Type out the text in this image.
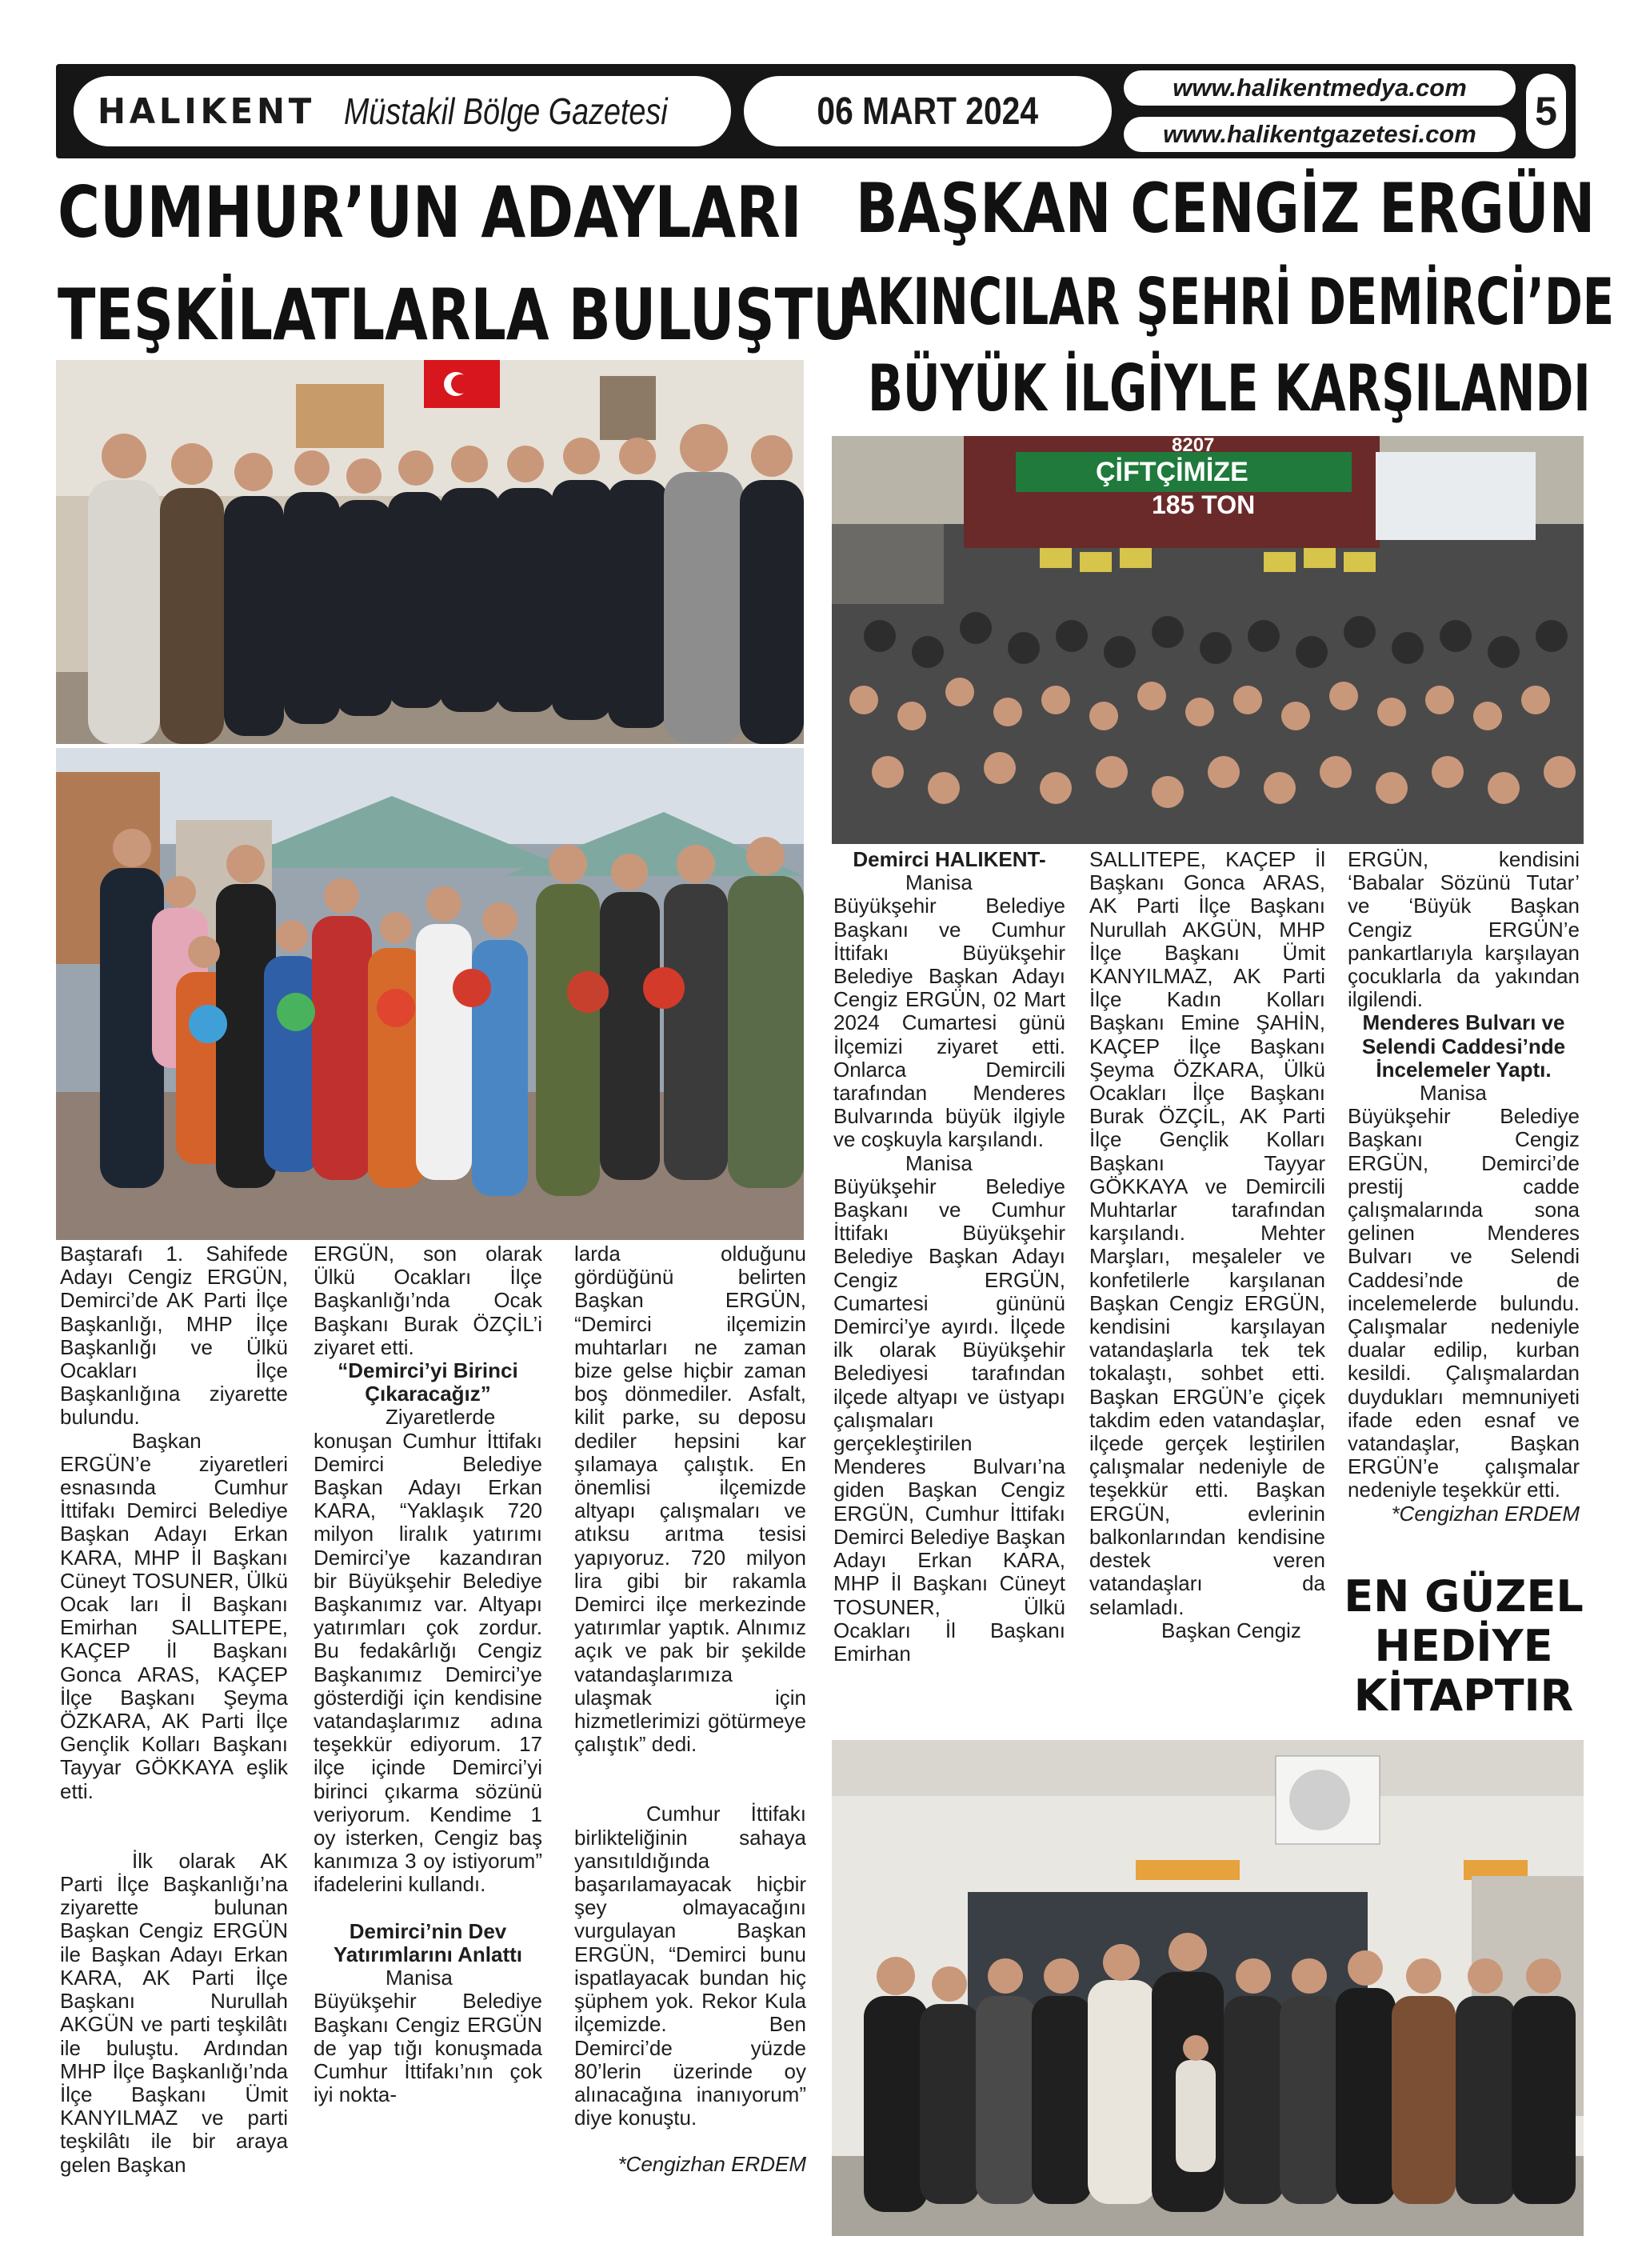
HALIKENT Müstakil Bölge Gazetesi	06 MART 2024
www.halikentmedya.com
www.halikentgazetesi.com
5
CUMHUR’UN ADAYLARI
TEŞKİLATLARLA BULUŞTU
BAŞKAN CENGİZ ERGÜN
AKINCILAR ŞEHRİ DEMİRCİ’DE
BÜYÜK İLGİYLE KARŞILANDI
8207
ÇİFTÇİMİZE
185 TON

Baştarafı 1. Sahifede Adayı Cengiz ERGÜN, Demirci’de AK Parti İlçe Başkanlığı, MHP İlçe Başkanlığı ve Ülkü Ocakları İlçe Başkanlığına ziyarette bulundu.

Başkan ERGÜN’e ziyaretleri esnasında Cumhur İttifakı Demirci Belediye Başkan Adayı Erkan KARA, MHP İl Başkanı Cüneyt TOSUNER, Ülkü Ocak ları İl Başkanı Emirhan SALLITEPE, KAÇEP İl Başkanı Gonca ARAS, KAÇEP İlçe Başkanı Şeyma ÖZKARA, AK Parti İlçe Gençlik Kolları Başkanı Tayyar GÖKKAYA eşlik etti.

İlk olarak AK Parti İlçe Başkanlığı’na ziyarette bulunan Başkan Cengiz ERGÜN ile Başkan Adayı Erkan KARA, AK Parti İlçe Başkanı Nurullah AKGÜN ve parti teşkilâtı ile buluştu. Ardından MHP İlçe Başkanlığı’nda İlçe Başkanı Ümit KANYILMAZ ve parti teşkilâtı ile bir araya gelen Başkan

ERGÜN, son olarak Ülkü Ocakları İlçe Başkanlığı’nda Ocak Başkanı Burak ÖZÇİL’i ziyaret etti.

“Demirci’yi Birinci Çıkaracağız”

Ziyaretlerde konuşan Cumhur İttifakı Demirci Belediye Başkan Adayı Erkan KARA, “Yaklaşık 720 milyon liralık yatırımı Demirci’ye kazandıran bir Büyükşehir Belediye Başkanımız var. Altyapı yatırımları çok zordur. Bu fedakârlığı Cengiz Başkanımız Demirci’ye gösterdiği için kendisine vatandaşlarımız adına teşekkür ediyorum. 17 ilçe içinde Demirci’yi birinci çıkarma sözünü veriyorum. Kendime 1 oy isterken, Cengiz baş kanımıza 3 oy istiyorum” ifadelerini kullandı.

Demirci’nin Dev Yatırımlarını Anlattı

Manisa Büyükşehir Belediye Başkanı Cengiz ERGÜN de yap tığı konuşmada Cumhur İttifakı’nın çok iyi nokta-

larda olduğunu gördüğünü belirten Başkan ERGÜN, “Demirci ilçemizin muhtarları ne zaman bize gelse hiçbir zaman boş dönmediler. Asfalt, kilit parke, su deposu dediler hepsini kar şılamaya çalıştık. En önemlisi ilçemizde altyapı çalışmaları ve atıksu arıtma tesisi yapıyoruz. 720 milyon lira gibi bir rakamla Demirci ilçe merkezinde yatırımlar yaptık. Alnımız açık ve pak bir şekilde vatandaşlarımıza ulaşmak için hizmetlerimizi götürmeye çalıştık” dedi.

Cumhur İttifakı birlikteliğinin sahaya yansıtıldığında başarılamayacak hiçbir şey olmayacağını vurgulayan Başkan ERGÜN, “Demirci bunu ispatlayacak bundan hiç şüphem yok. Rekor Kula ilçemizde. Ben Demirci’de yüzde 80’lerin üzerinde oy alınacağına inanıyorum” diye konuştu.

*Cengizhan ERDEM

Demirci HALIKENT-

Manisa Büyükşehir Belediye Başkanı ve Cumhur İttifakı Büyükşehir Belediye Başkan Adayı Cengiz ERGÜN, 02 Mart 2024 Cumartesi günü İlçemizi ziyaret etti. Onlarca Demircili tarafından Menderes Bulvarında büyük ilgiyle ve coşkuyla karşılandı.

Manisa Büyükşehir Belediye Başkanı ve Cumhur İttifakı Büyükşehir Belediye Başkan Adayı Cengiz ERGÜN, Cumartesi gününü Demirci’ye ayırdı. İlçede ilk olarak Büyükşehir Belediyesi tarafından ilçede altyapı ve üstyapı çalışmaları gerçekleştirilen Menderes Bulvarı’na giden Başkan Cengiz ERGÜN, Cumhur İttifakı Demirci Belediye Başkan Adayı Erkan KARA, MHP İl Başkanı Cüneyt TOSUNER, Ülkü Ocakları İl Başkanı Emirhan

SALLITEPE, KAÇEP İl Başkanı Gonca ARAS, AK Parti İlçe Başkanı Nurullah AKGÜN, MHP İlçe Başkanı Ümit KANYILMAZ, AK Parti İlçe Kadın Kolları Başkanı Emine ŞAHİN, KAÇEP İlçe Başkanı Şeyma ÖZKARA, Ülkü Ocakları İlçe Başkanı Burak ÖZÇİL, AK Parti İlçe Gençlik Kolları Başkanı Tayyar GÖKKAYA ve Demircili Muhtarlar tarafından karşılandı. Mehter Marşları, meşaleler ve konfetilerle karşılanan Başkan Cengiz ERGÜN, kendisini karşılayan vatandaşlarla tek tek tokalaştı, sohbet etti. Başkan ERGÜN’e çiçek takdim eden vatandaşlar, ilçede gerçek leştirilen çalışmalar nedeniyle de teşekkür etti. Başkan ERGÜN, evlerinin balkonlarından kendisine destek veren vatandaşları da selamladı.

Başkan Cengiz

ERGÜN, kendisini ‘Babalar Sözünü Tutar’ ve ‘Büyük Başkan Cengiz ERGÜN’e pankartlarıyla karşılayan çocuklarla da yakından ilgilendi.

Menderes Bulvarı ve Selendi Caddesi’nde İncelemeler Yaptı.

Manisa Büyükşehir Belediye Başkanı Cengiz ERGÜN, Demirci’de prestij cadde çalışmalarında sona gelinen Menderes Bulvarı ve Selendi Caddesi’nde de incelemelerde bulundu. Çalışmalar nedeniyle dualar edilip, kurban kesildi. Çalışmalardan duydukları memnuniyeti ifade eden esnaf ve vatandaşlar, Başkan ERGÜN’e çalışmalar nedeniyle teşekkür etti.

*Cengizhan ERDEM

EN GÜZEL
HEDİYE
KİTAPTIR
